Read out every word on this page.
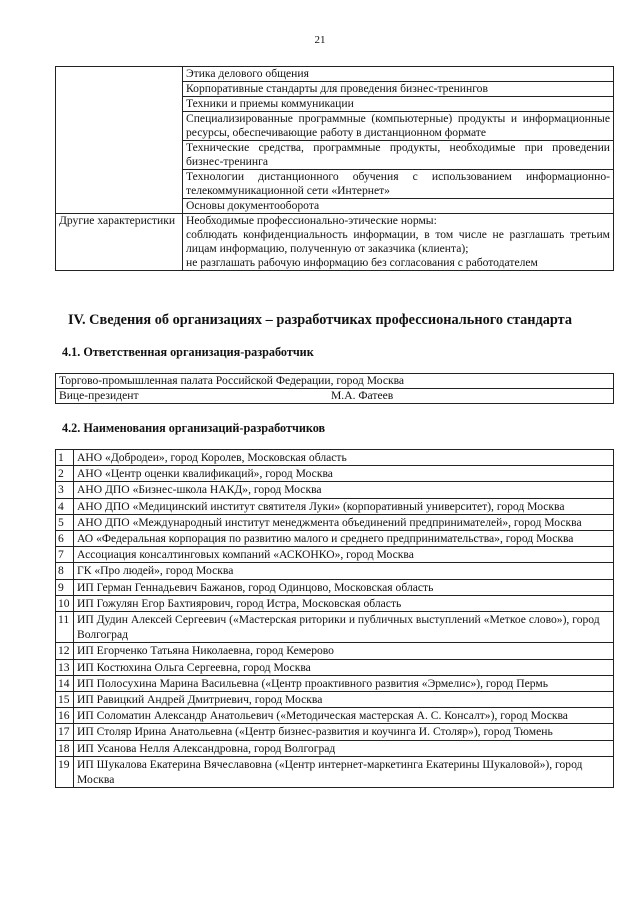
21
	Этика делового общения
	Корпоративные стандарты для проведения бизнес-тренингов
	Техники и приемы коммуникации
	Специализированные программные (компьютерные) продукты и информационные ресурсы, обеспечивающие работу в дистанционном формате
	Технические средства, программные продукты, необходимые при проведении бизнес-тренинга
	Технологии дистанционного обучения с использованием информационно-телекоммуникационной сети «Интернет»
	Основы документооборота
Другие характеристики	Необходимые профессионально-этические нормы:
соблюдать конфиденциальность информации, в том числе не разглашать третьим лицам информацию, полученную от заказчика (клиента);
не разглашать рабочую информацию без согласования с работодателем
IV. Сведения об организациях – разработчиках профессионального стандарта
4.1. Ответственная организация-разработчик
Торгово-промышленная палата Российской Федерации, город Москва
Вице-президент	М.А. Фатеев
4.2. Наименования организаций-разработчиков
1	АНО «Добродеи», город Королев, Московская область
2	АНО «Центр оценки квалификаций», город Москва
3	АНО ДПО «Бизнес-школа НАКД», город Москва
4	АНО ДПО «Медицинский институт святителя Луки» (корпоративный университет), город Москва
5	АНО ДПО «Международный институт менеджмента объединений предпринимателей», город Москва
6	АО «Федеральная корпорация по развитию малого и среднего предпринимательства», город Москва
7	Ассоциация консалтинговых компаний «АСКОНКО», город Москва
8	ГК «Про людей», город Москва
9	ИП Герман Геннадьевич Бажанов, город Одинцово, Московская область
10	ИП Гожулян Егор Бахтиярович, город Истра, Московская область
11	ИП Дудин Алексей Сергеевич («Мастерская риторики и публичных выступлений «Меткое слово»), город Волгоград
12	ИП Егорченко Татьяна Николаевна, город Кемерово
13	ИП Костюхина Ольга Сергеевна, город Москва
14	ИП Полосухина Марина Васильевна («Центр проактивного развития «Эрмелис»), город Пермь
15	ИП Равицкий Андрей Дмитриевич, город Москва
16	ИП Соломатин Александр Анатольевич («Методическая мастерская А. С. Консалт»), город Москва
17	ИП Столяр Ирина Анатольевна («Центр бизнес-развития и коучинга И. Столяр»), город Тюмень
18	ИП Усанова Нелля Александровна, город Волгоград
19	ИП Шукалова Екатерина Вячеславовна («Центр интернет-маркетинга Екатерины Шукаловой»), город Москва
